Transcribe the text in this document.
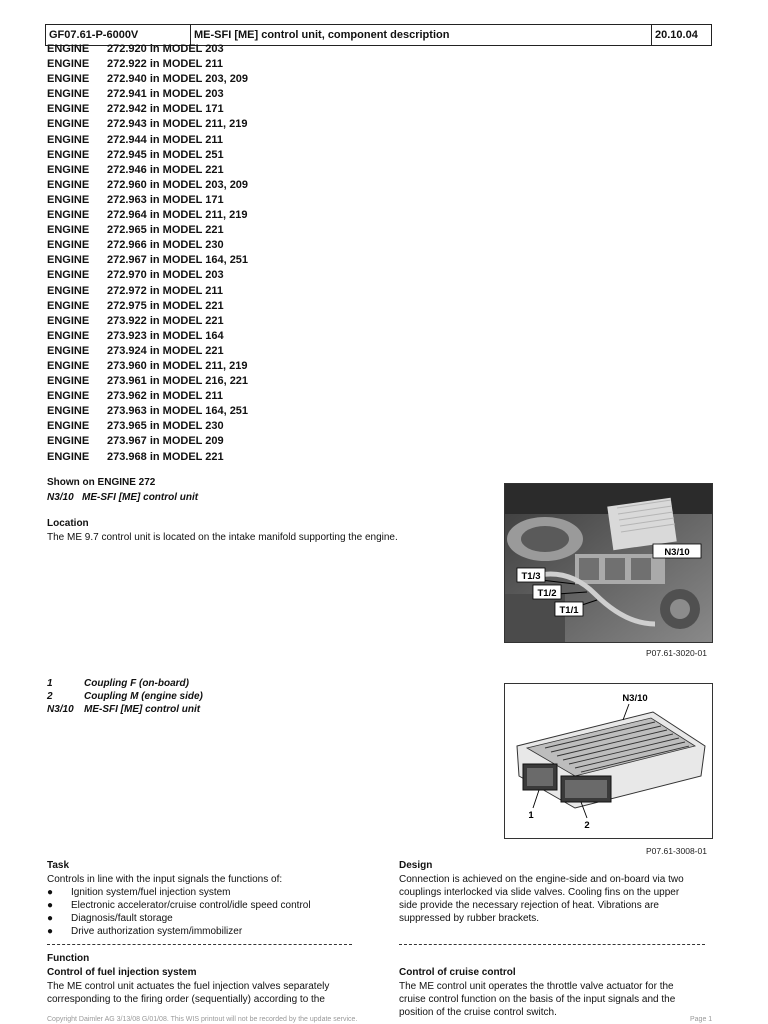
GF07.61-P-6000V	ME-SFI [ME] control unit, component description	20.10.04
ENGINE	272.920 in MODEL 203
ENGINE	272.922 in MODEL 211
ENGINE	272.940 in MODEL 203, 209
ENGINE	272.941 in MODEL 203
ENGINE	272.942 in MODEL 171
ENGINE	272.943 in MODEL 211, 219
ENGINE	272.944 in MODEL 211
ENGINE	272.945 in MODEL 251
ENGINE	272.946 in MODEL 221
ENGINE	272.960 in MODEL 203, 209
ENGINE	272.963 in MODEL 171
ENGINE	272.964 in MODEL 211, 219
ENGINE	272.965 in MODEL 221
ENGINE	272.966 in MODEL 230
ENGINE	272.967 in MODEL 164, 251
ENGINE	272.970 in MODEL 203
ENGINE	272.972 in MODEL 211
ENGINE	272.975 in MODEL 221
ENGINE	273.922 in MODEL 221
ENGINE	273.923 in MODEL 164
ENGINE	273.924 in MODEL 221
ENGINE	273.960 in MODEL 211, 219
ENGINE	273.961 in MODEL 216, 221
ENGINE	273.962 in MODEL 211
ENGINE	273.963 in MODEL 164, 251
ENGINE	273.965 in MODEL 230
ENGINE	273.967 in MODEL 209
ENGINE	273.968 in MODEL 221
Shown on ENGINE 272
N3/10 ME-SFI [ME] control unit
Location
The ME 9.7 control unit is located on the intake manifold supporting the engine.
N3/10
T1/3
T1/2
T1/1
P07.61-3020-01
1	Coupling F (on-board)
2	Coupling M (engine side)
N3/10	ME-SFI [ME] control unit
N3/10
1
2
P07.61-3008-01
Task
Controls in line with the input signals the functions of:
●	Ignition system/fuel injection system
●	Electronic accelerator/cruise control/idle speed control
●	Diagnosis/fault storage
●	Drive authorization system/immobilizer
Design
Connection is achieved on the engine-side and on-board via two
couplings interlocked via slide valves. Cooling fins on the upper
side provide the necessary rejection of heat. Vibrations are
suppressed by rubber brackets.
Function
Control of fuel injection system
The ME control unit actuates the fuel injection valves separately
corresponding to the firing order (sequentially) according to the
Control of cruise control
The ME control unit operates the throttle valve actuator for the
cruise control function on the basis of the input signals and the
position of the cruise control switch.
Copyright Daimler AG 3/13/08 G/01/08. This WIS printout will not be recorded by the update service.	Page 1
